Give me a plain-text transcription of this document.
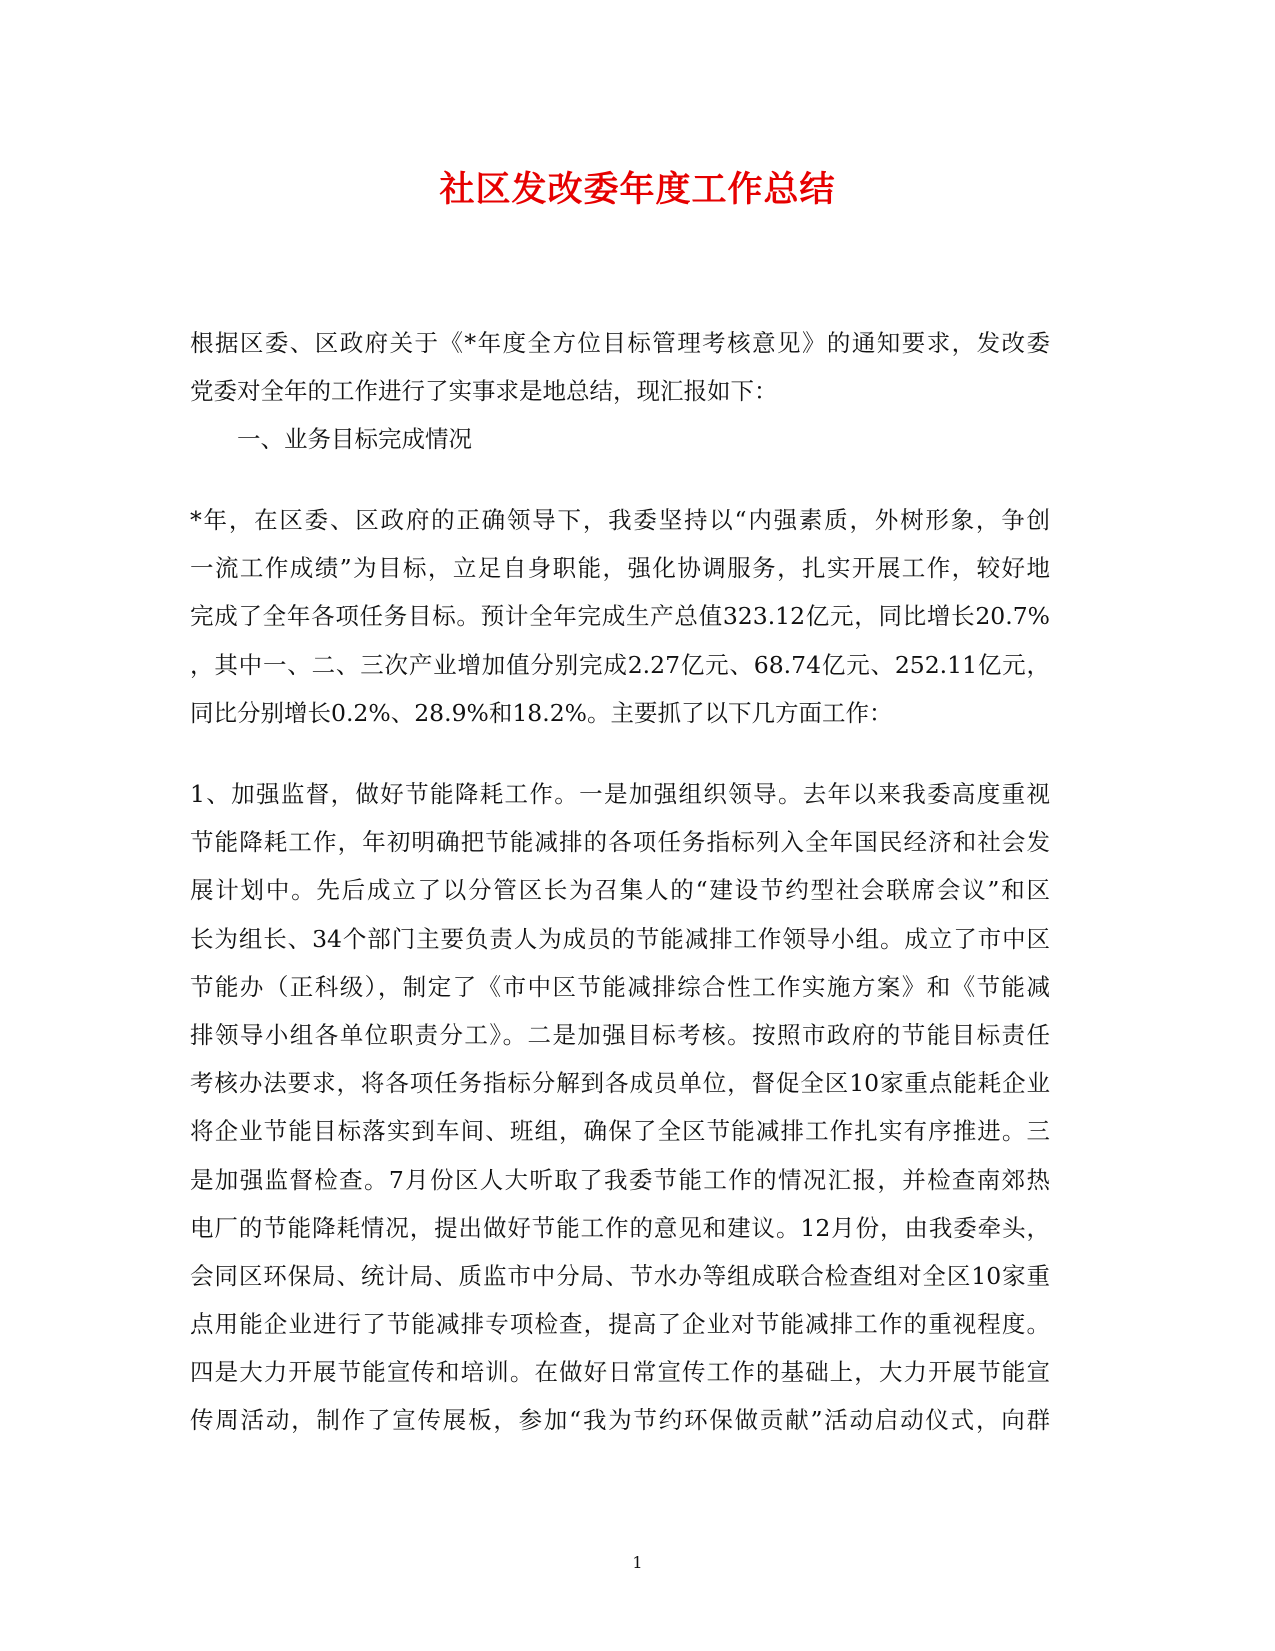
社区发改委年度工作总结
根据区委、区政府关于《*年度全方位目标管理考核意见》的通知要求，发改委
党委对全年的工作进行了实事求是地总结，现汇报如下：
一、业务目标完成情况
*年，在区委、区政府的正确领导下，我委坚持以“内强素质，外树形象，争创
一流工作成绩”为目标，立足自身职能，强化协调服务，扎实开展工作，较好地
完成了全年各项任务目标。预计全年完成生产总值323.12亿元，同比增长20.7%
，其中一、二、三次产业增加值分别完成2.27亿元、68.74亿元、252.11亿元，
同比分别增长0.2%、28.9%和18.2%。主要抓了以下几方面工作：
1、加强监督，做好节能降耗工作。一是加强组织领导。去年以来我委高度重视
节能降耗工作，年初明确把节能减排的各项任务指标列入全年国民经济和社会发
展计划中。先后成立了以分管区长为召集人的“建设节约型社会联席会议”和区
长为组长、34个部门主要负责人为成员的节能减排工作领导小组。成立了市中区
节能办（正科级），制定了《市中区节能减排综合性工作实施方案》和《节能减
排领导小组各单位职责分工》。二是加强目标考核。按照市政府的节能目标责任
考核办法要求，将各项任务指标分解到各成员单位，督促全区10家重点能耗企业
将企业节能目标落实到车间、班组，确保了全区节能减排工作扎实有序推进。三
是加强监督检查。7月份区人大听取了我委节能工作的情况汇报，并检查南郊热
电厂的节能降耗情况，提出做好节能工作的意见和建议。12月份，由我委牵头，
会同区环保局、统计局、质监市中分局、节水办等组成联合检查组对全区10家重
点用能企业进行了节能减排专项检查，提高了企业对节能减排工作的重视程度。
四是大力开展节能宣传和培训。在做好日常宣传工作的基础上，大力开展节能宣
传周活动，制作了宣传展板，参加“我为节约环保做贡献”活动启动仪式，向群
1
